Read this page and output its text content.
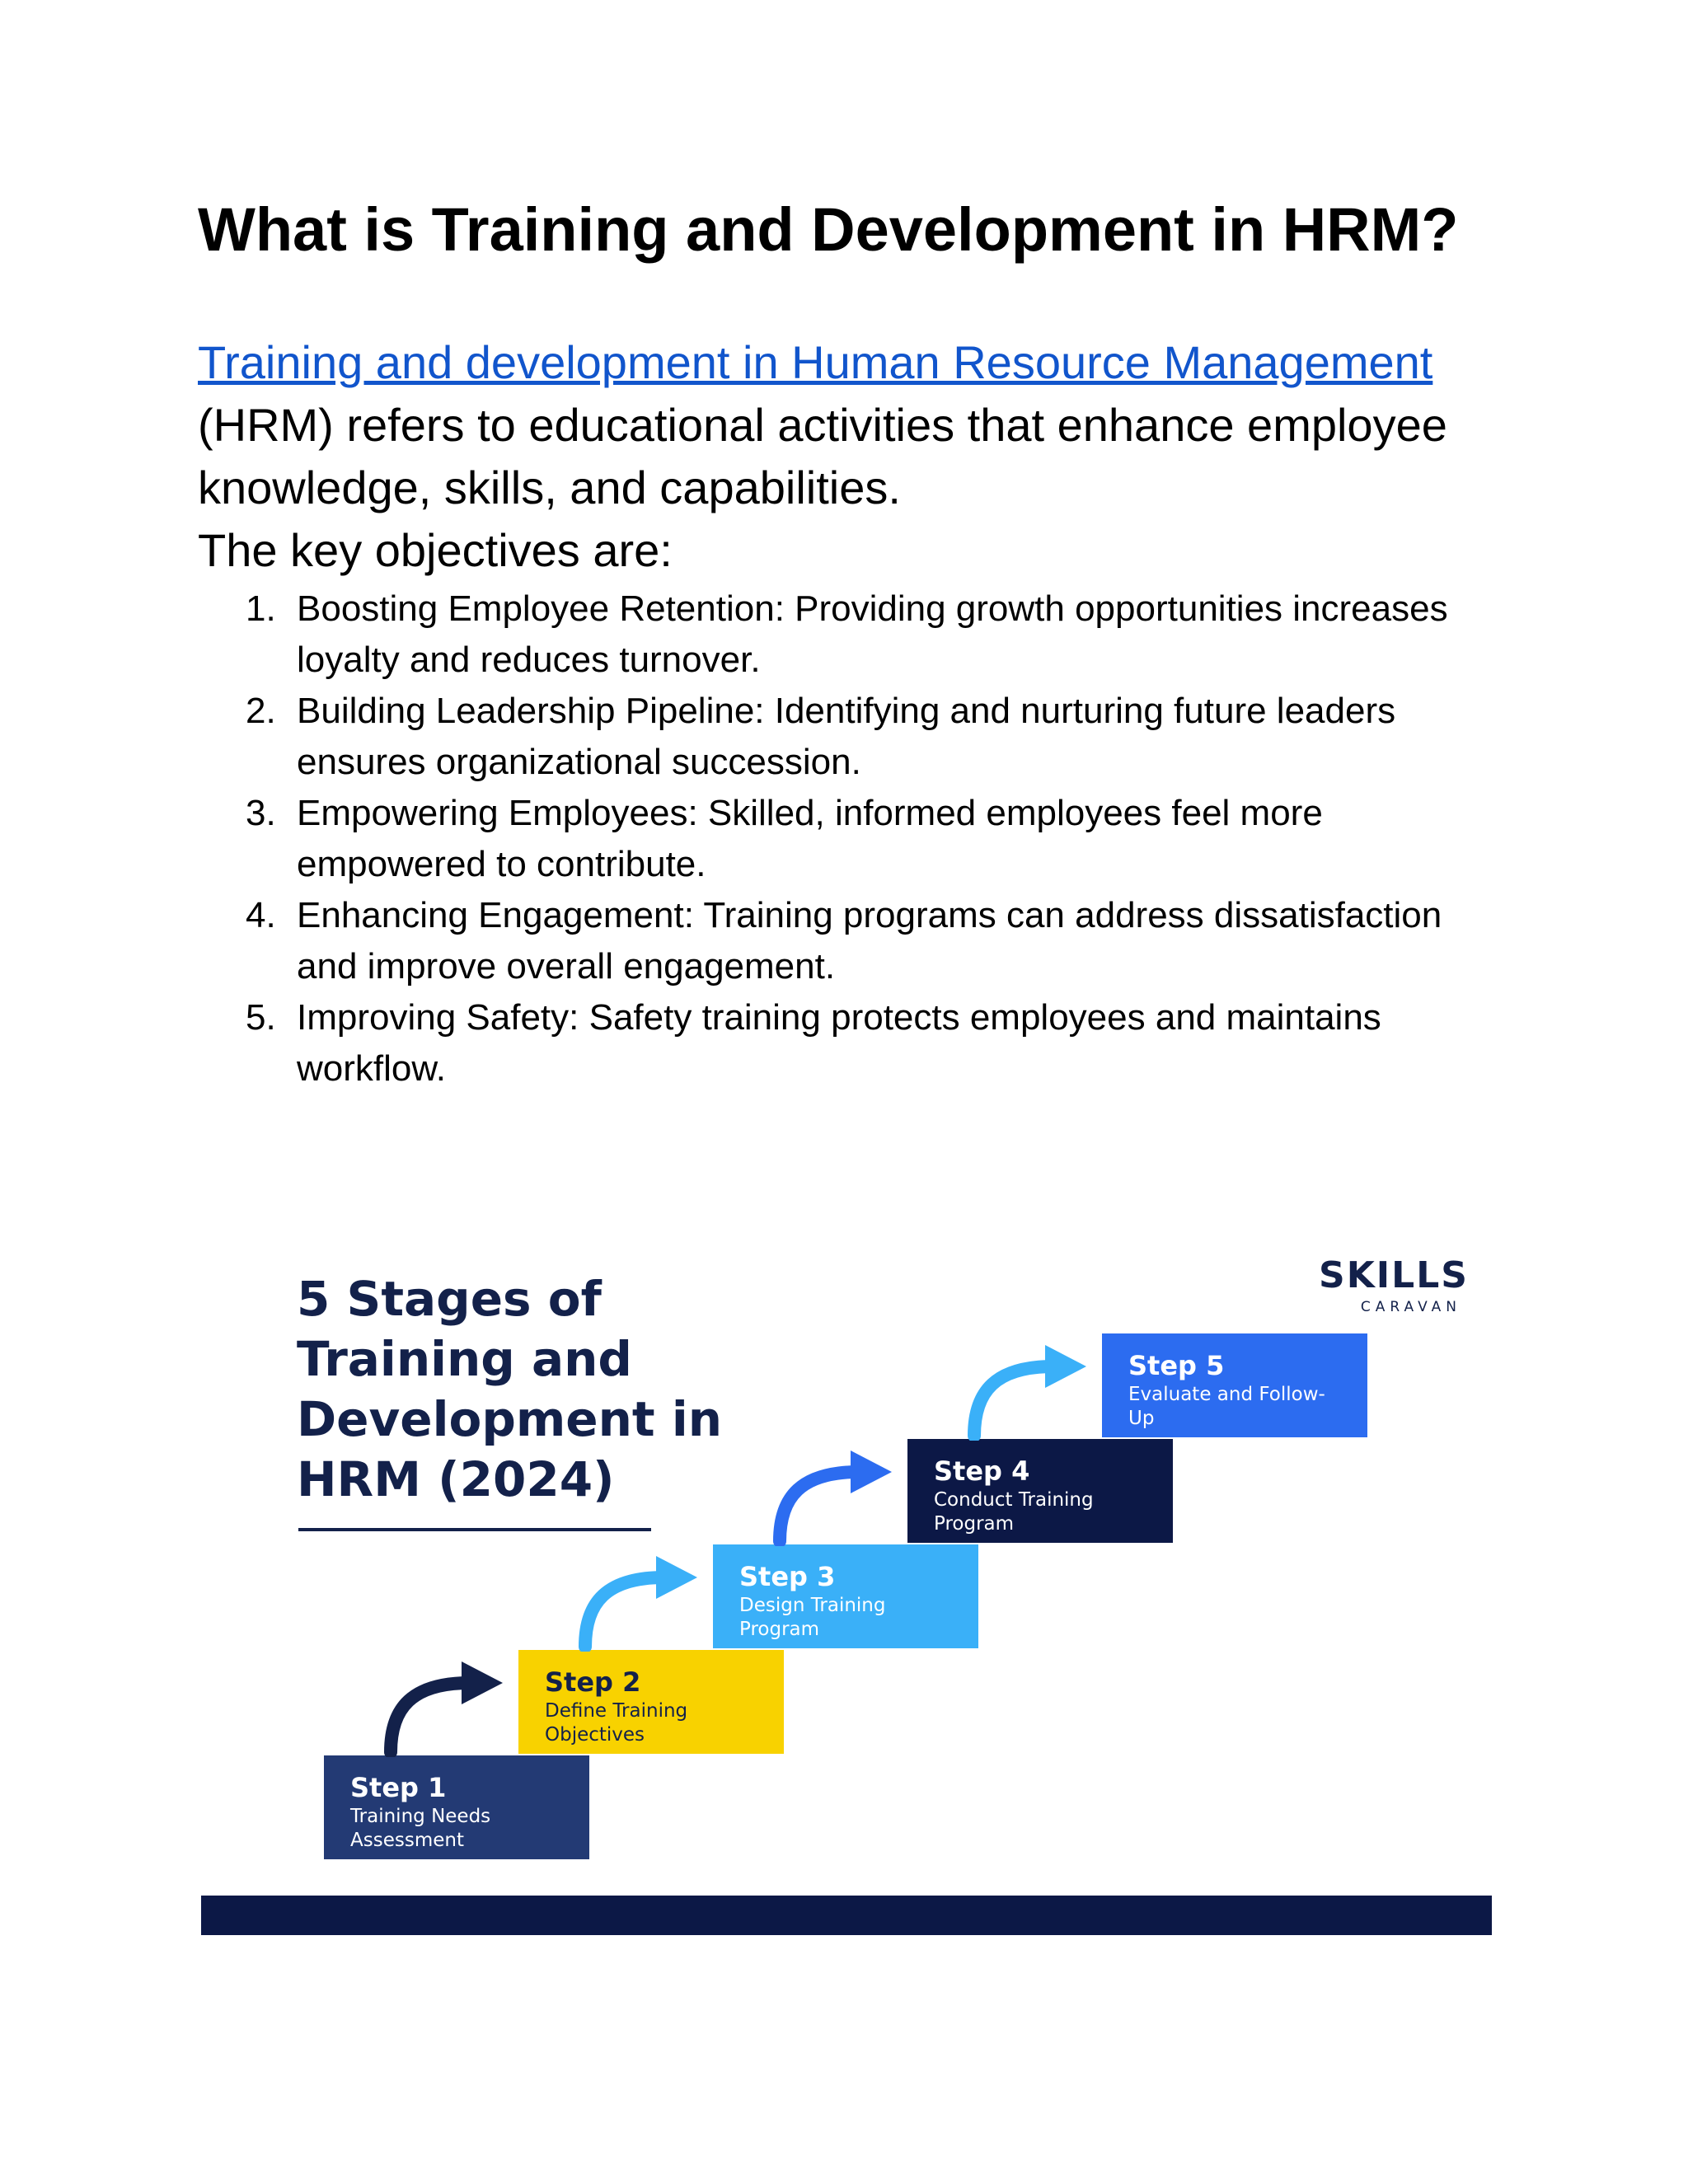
What is Training and Development in HRM?
Training and development in Human Resource Management (HRM) refers to educational activities that enhance employee knowledge, skills, and capabilities.
The key objectives are:
1. Boosting Employee Retention: Providing growth opportunities increases loyalty and reduces turnover.
2. Building Leadership Pipeline: Identifying and nurturing future leaders ensures organizational succession.
3. Empowering Employees: Skilled, informed employees feel more empowered to contribute.
4. Enhancing Engagement: Training programs can address dissatisfaction and improve overall engagement.
5. Improving Safety: Safety training protects employees and maintains workflow.
5 Stages of Training and Development in HRM (2024)
SKILLS
CARAVAN
Step 1
Training Needs Assessment
Step 2
Define Training Objectives
Step 3
Design Training Program
Step 4
Conduct Training Program
Step 5
Evaluate and Follow-Up
